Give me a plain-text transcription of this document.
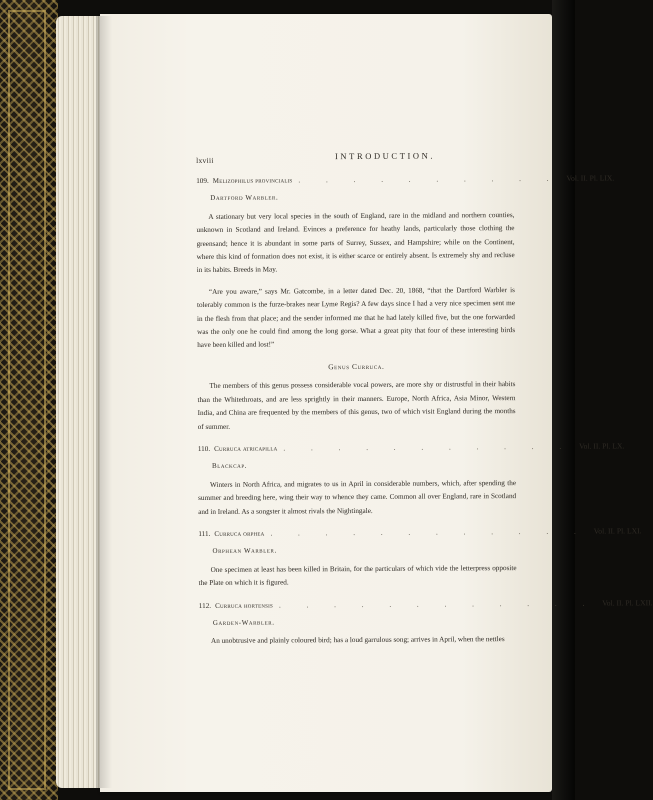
lxviii	INTRODUCTION.
109. Melizophilus provincialis . . . . . . . . . . Vol. II. Pl. LIX.
Dartford Warbler.

A stationary but very local species in the south of England, rare in the midland and northern counties, unknown in Scotland and Ireland. Evinces a preference for heathy lands, particularly those clothing the greensand; hence it is abundant in some parts of Surrey, Sussex, and Hampshire; while on the Continent, where this kind of formation does not exist, it is either scarce or entirely absent. Is extremely shy and recluse in its habits. Breeds in May.

“Are you aware,” says Mr. Gatcombe, in a letter dated Dec. 20, 1868, “that the Dartford Warbler is tolerably common is the furze-brakes near Lyme Regis? A few days since I had a very nice specimen sent me in the flesh from that place; and the sender informed me that he had lately killed five, but the one forwarded was the only one he could find among the long gorse. What a great pity that four of these interesting birds have been killed and lost!”

Genus Curruca.

The members of this genus possess considerable vocal powers, are more shy or distrustful in their habits than the Whitethroats, and are less sprightly in their manners. Europe, North Africa, Asia Minor, Western India, and China are frequented by the members of this genus, two of which visit England during the months of summer.

110. Curruca atricapilla . . . . . . . . . . . Vol. II. Pl. LX.
Blackcap.

Winters in North Africa, and migrates to us in April in considerable numbers, which, after spending the summer and breeding here, wing their way to whence they came. Common all over England, rare in Scotland and in Ireland. As a songster it almost rivals the Nightingale.

111. Curruca orphea . . . . . . . . . . . . Vol. II. Pl. LXI.
Orphean Warbler.

One specimen at least has been killed in Britain, for the particulars of which vide the letterpress opposite the Plate on which it is figured.

112. Curruca hortensis . . . . . . . . . . . . Vol. II. Pl. LXII.
Garden-Warbler.

An unobtrusive and plainly coloured bird; has a loud garrulous song; arrives in April, when the nettles
